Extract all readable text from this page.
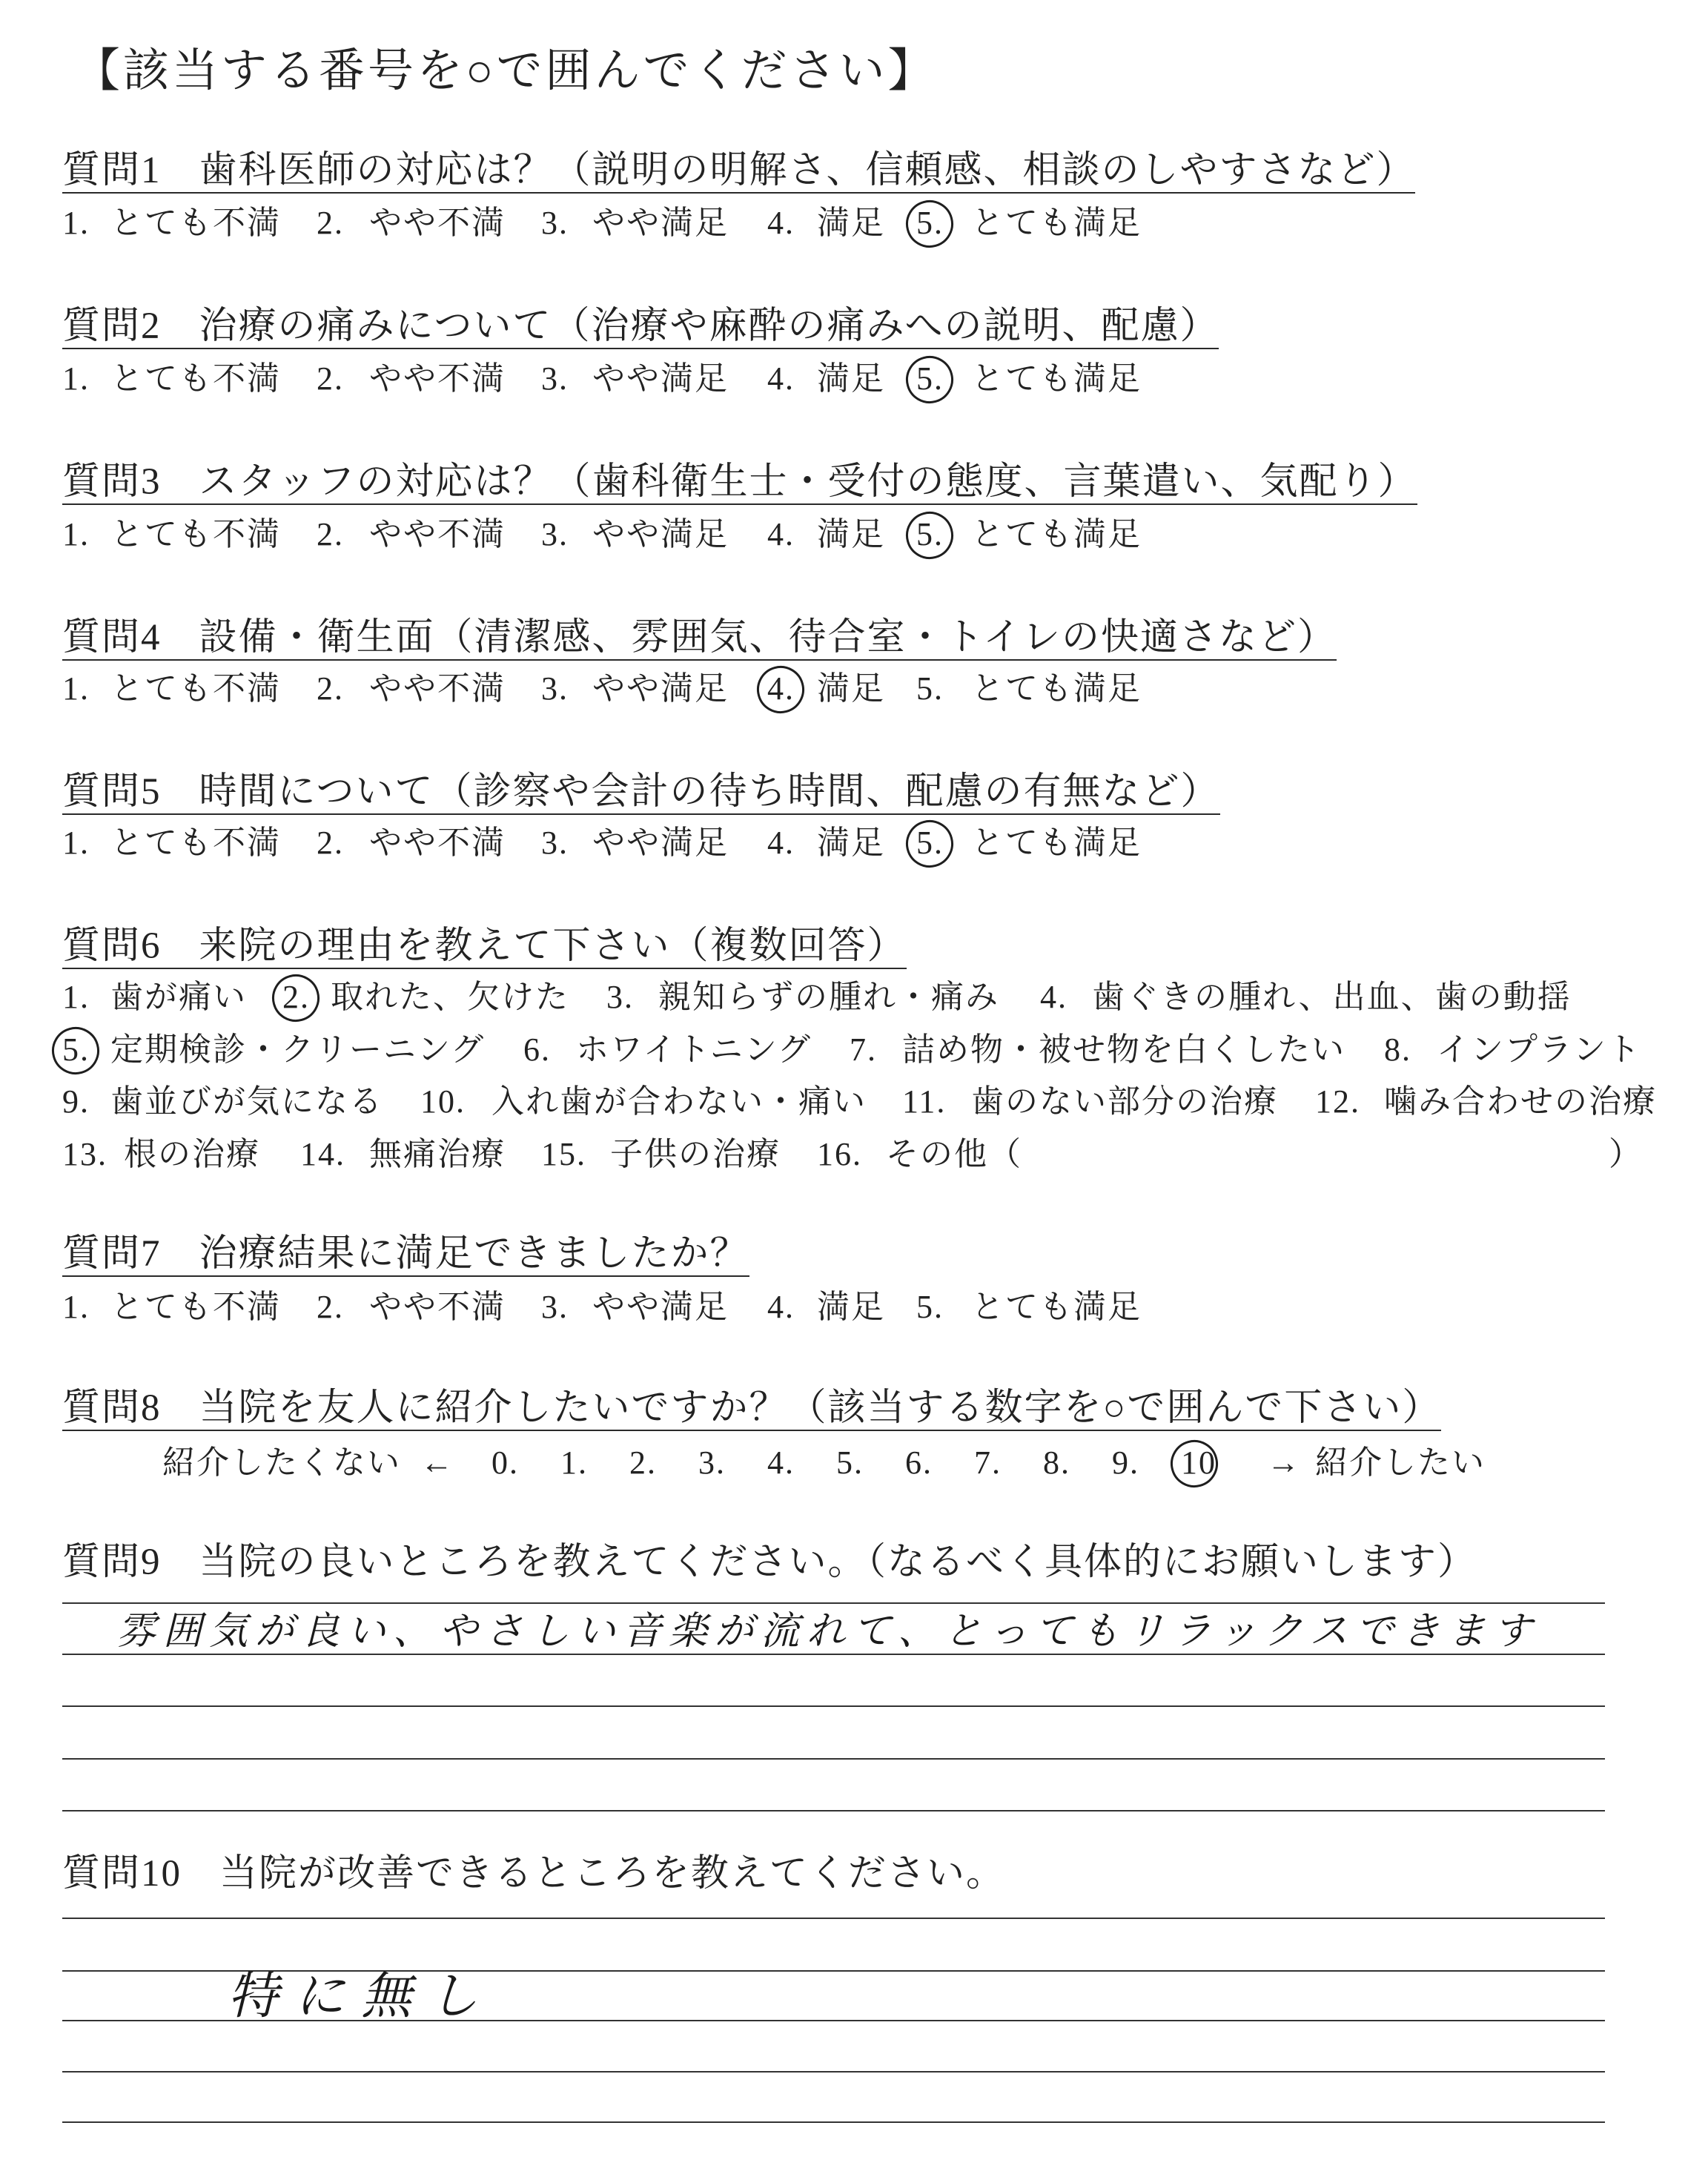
【該当する番号を○で囲んでください】
質問1 歯科医師の対応は？（説明の明解さ、信頼感、相談のしやすさなど）
1. とても不満 2. やや不満 3. やや満足 4. 満足 5. とても満足
質問2 治療の痛みについて（治療や麻酔の痛みへの説明、配慮）
1. とても不満 2. やや不満 3. やや満足 4. 満足 5. とても満足
質問3 スタッフの対応は？（歯科衛生士・受付の態度、言葉遣い、気配り）
1. とても不満 2. やや不満 3. やや満足 4. 満足 5. とても満足
質問4 設備・衛生面（清潔感、雰囲気、待合室・トイレの快適さなど）
1. とても不満 2. やや不満 3. やや満足 4. 満足 5. とても満足
質問5 時間について（診察や会計の待ち時間、配慮の有無など）
1. とても不満 2. やや不満 3. やや満足 4. 満足 5. とても満足
質問6 来院の理由を教えて下さい（複数回答）
1. 歯が痛い 2. 取れた、欠けた 3. 親知らずの腫れ・痛み 4. 歯ぐきの腫れ、出血、歯の動揺
5. 定期検診・クリーニング 6. ホワイトニング 7. 詰め物・被せ物を白くしたい 8. インプラント
9. 歯並びが気になる 10. 入れ歯が合わない・痛い 11. 歯のない部分の治療 12. 噛み合わせの治療
13. 根の治療 14. 無痛治療 15. 子供の治療 16. その他（	）
質問7 治療結果に満足できましたか？
1. とても不満 2. やや不満 3. やや満足 4. 満足 5. とても満足
質問8 当院を友人に紹介したいですか？（該当する数字を○で囲んで下さい）
紹介したくない ← 0. 1. 2. 3. 4. 5. 6. 7. 8. 9. 10 → 紹介したい
質問9 当院の良いところを教えてください。（なるべく具体的にお願いします）
雰囲気が良い、やさしい音楽が流れて、とってもリラックスできます
質問10 当院が改善できるところを教えてください。
特に無し
